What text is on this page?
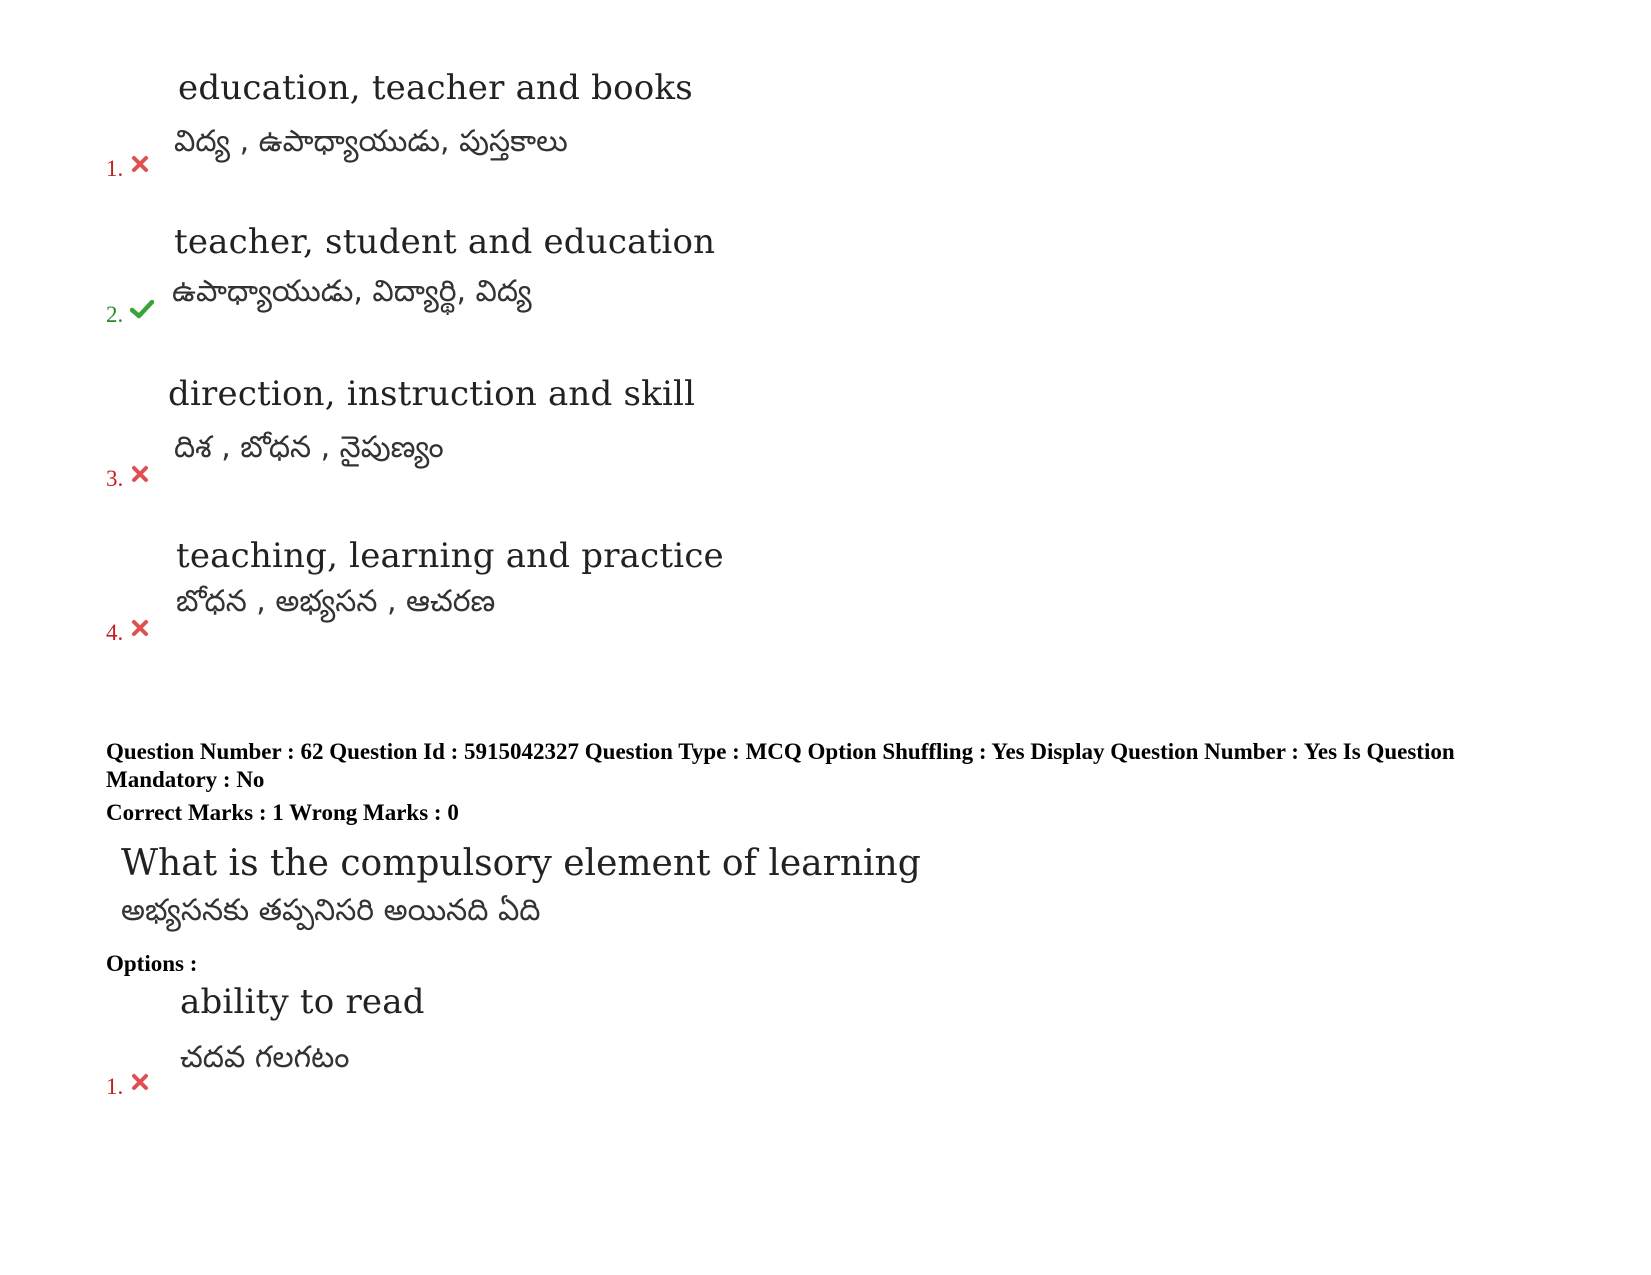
education, teacher and books
విద్య , ఉపాధ్యాయుడు, పుస్తకాలు
1.
teacher, student and education
ఉపాధ్యాయుడు, విద్యార్థి, విద్య
2.
direction, instruction and skill
దిశ , బోధన , నైపుణ్యం
3.
teaching, learning and practice
బోధన , అభ్యసన , ఆచరణ
4.
Question Number : 62 Question Id : 5915042327 Question Type : MCQ Option Shuffling : Yes Display Question Number : Yes Is Question Mandatory : No
Correct Marks : 1 Wrong Marks : 0
What is the compulsory element of learning
అభ్యసనకు తప్పనిసరి అయినది ఏది
Options :
ability to read
చదవ గలగటం
1.
